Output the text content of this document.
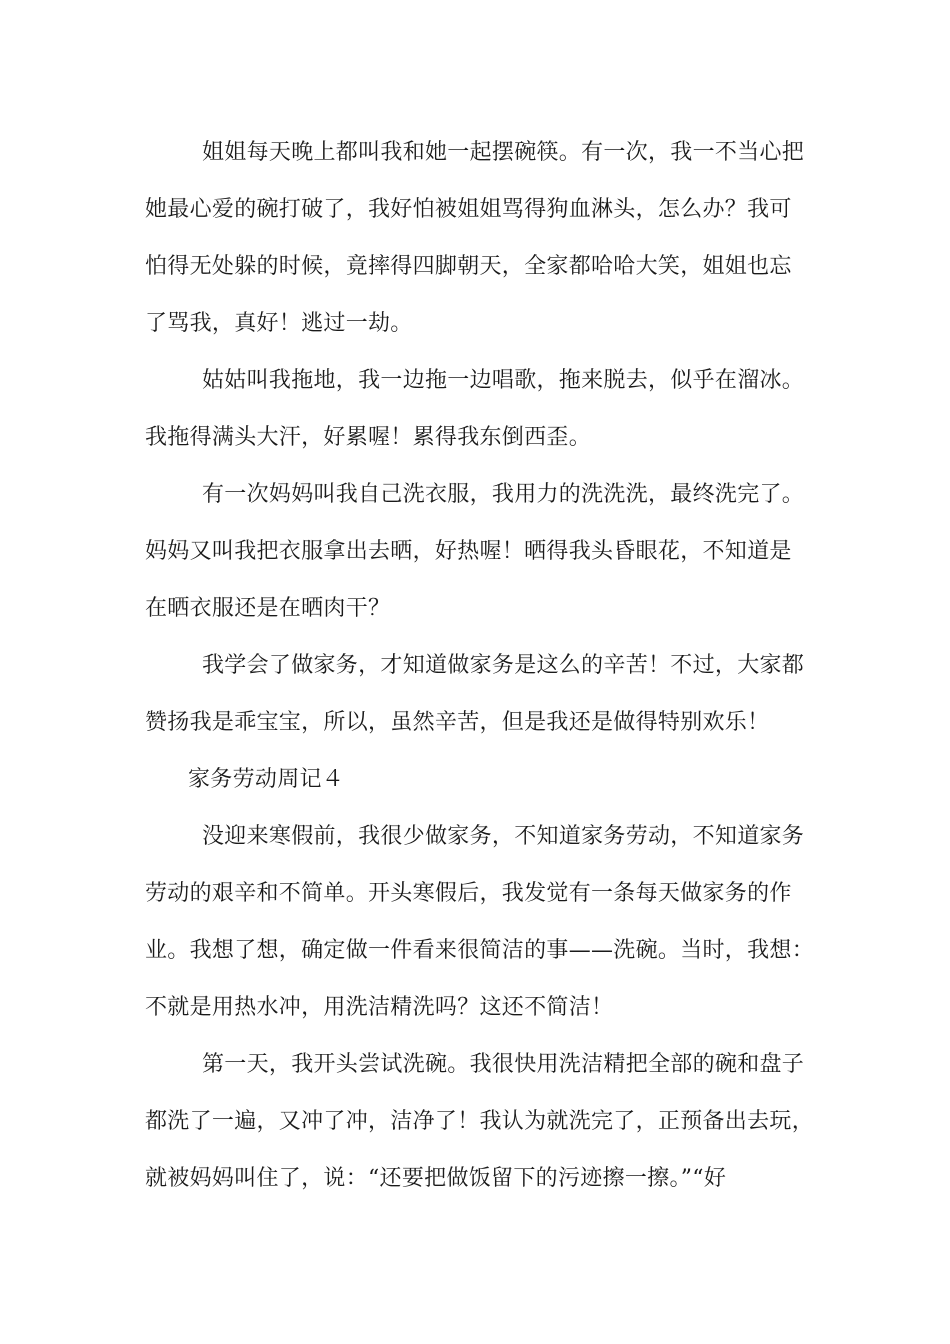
姐姐每天晚上都叫我和她一起摆碗筷。有一次，我一不当心把
她最心爱的碗打破了，我好怕被姐姐骂得狗血淋头，怎么办？我可
怕得无处躲的时候，竟摔得四脚朝天，全家都哈哈大笑，姐姐也忘
了骂我，真好！逃过一劫。
姑姑叫我拖地，我一边拖一边唱歌，拖来脱去，似乎在溜冰。
我拖得满头大汗，好累喔！累得我东倒西歪。
有一次妈妈叫我自己洗衣服，我用力的洗洗洗，最终洗完了。
妈妈又叫我把衣服拿出去晒，好热喔！晒得我头昏眼花，不知道是
在晒衣服还是在晒肉干？
我学会了做家务，才知道做家务是这么的辛苦！不过，大家都
赞扬我是乖宝宝，所以，虽然辛苦，但是我还是做得特别欢乐！
家务劳动周记４
没迎来寒假前，我很少做家务，不知道家务劳动，不知道家务
劳动的艰辛和不简单。开头寒假后，我发觉有一条每天做家务的作
业。我想了想，确定做一件看来很简洁的事——洗碗。当时，我想：
不就是用热水冲，用洗洁精洗吗？这还不简洁！
第一天，我开头尝试洗碗。我很快用洗洁精把全部的碗和盘子
都洗了一遍，又冲了冲，洁净了！我认为就洗完了，正预备出去玩，
就被妈妈叫住了，说：“还要把做饭留下的污迹擦一擦。”“好
